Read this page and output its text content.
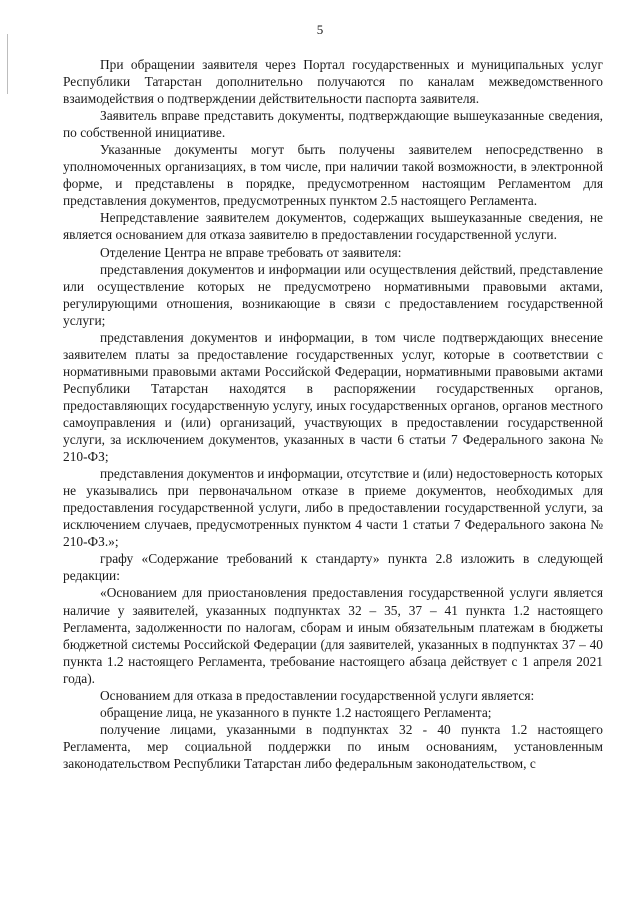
5

При обращении заявителя через Портал государственных и муниципальных услуг Республики Татарстан дополнительно получаются по каналам межведомственного взаимодействия о подтверждении действительности паспорта заявителя.

Заявитель вправе представить документы, подтверждающие вышеуказанные сведения, по собственной инициативе.

Указанные документы могут быть получены заявителем непосредственно в уполномоченных организациях, в том числе, при наличии такой возможности, в электронной форме, и представлены в порядке, предусмотренном настоящим Регламентом для представления документов, предусмотренных пунктом 2.5 настоящего Регламента.

Непредставление заявителем документов, содержащих вышеуказанные сведения, не является основанием для отказа заявителю в предоставлении государственной услуги.

Отделение Центра не вправе требовать от заявителя:

представления документов и информации или осуществления действий, представление или осуществление которых не предусмотрено нормативными правовыми актами, регулирующими отношения, возникающие в связи с предоставлением государственной услуги;

представления документов и информации, в том числе подтверждающих внесение заявителем платы за предоставление государственных услуг, которые в соответствии с нормативными правовыми актами Российской Федерации, нормативными правовыми актами Республики Татарстан находятся в распоряжении государственных органов, предоставляющих государственную услугу, иных государственных органов, органов местного самоуправления и (или) организаций, участвующих в предоставлении государственной услуги, за исключением документов, указанных в части 6 статьи 7 Федерального закона № 210-ФЗ;

представления документов и информации, отсутствие и (или) недостоверность которых не указывались при первоначальном отказе в приеме документов, необходимых для предоставления государственной услуги, либо в предоставлении государственной услуги, за исключением случаев, предусмотренных пунктом 4 части 1 статьи 7 Федерального закона № 210-ФЗ.»;

графу «Содержание требований к стандарту» пункта 2.8 изложить в следующей редакции:

«Основанием для приостановления предоставления государственной услуги является наличие у заявителей, указанных подпунктах 32 – 35, 37 – 41 пункта 1.2 настоящего Регламента, задолженности по налогам, сборам и иным обязательным платежам в бюджеты бюджетной системы Российской Федерации (для заявителей, указанных в подпунктах 37 – 40 пункта 1.2 настоящего Регламента, требование настоящего абзаца действует с 1 апреля 2021 года).

Основанием для отказа в предоставлении государственной услуги является:

обращение лица, не указанного в пункте 1.2 настоящего Регламента;

получение лицами, указанными в подпунктах 32 - 40 пункта 1.2 настоящего Регламента, мер социальной поддержки по иным основаниям, установленным законодательством Республики Татарстан либо федеральным законодательством, с
